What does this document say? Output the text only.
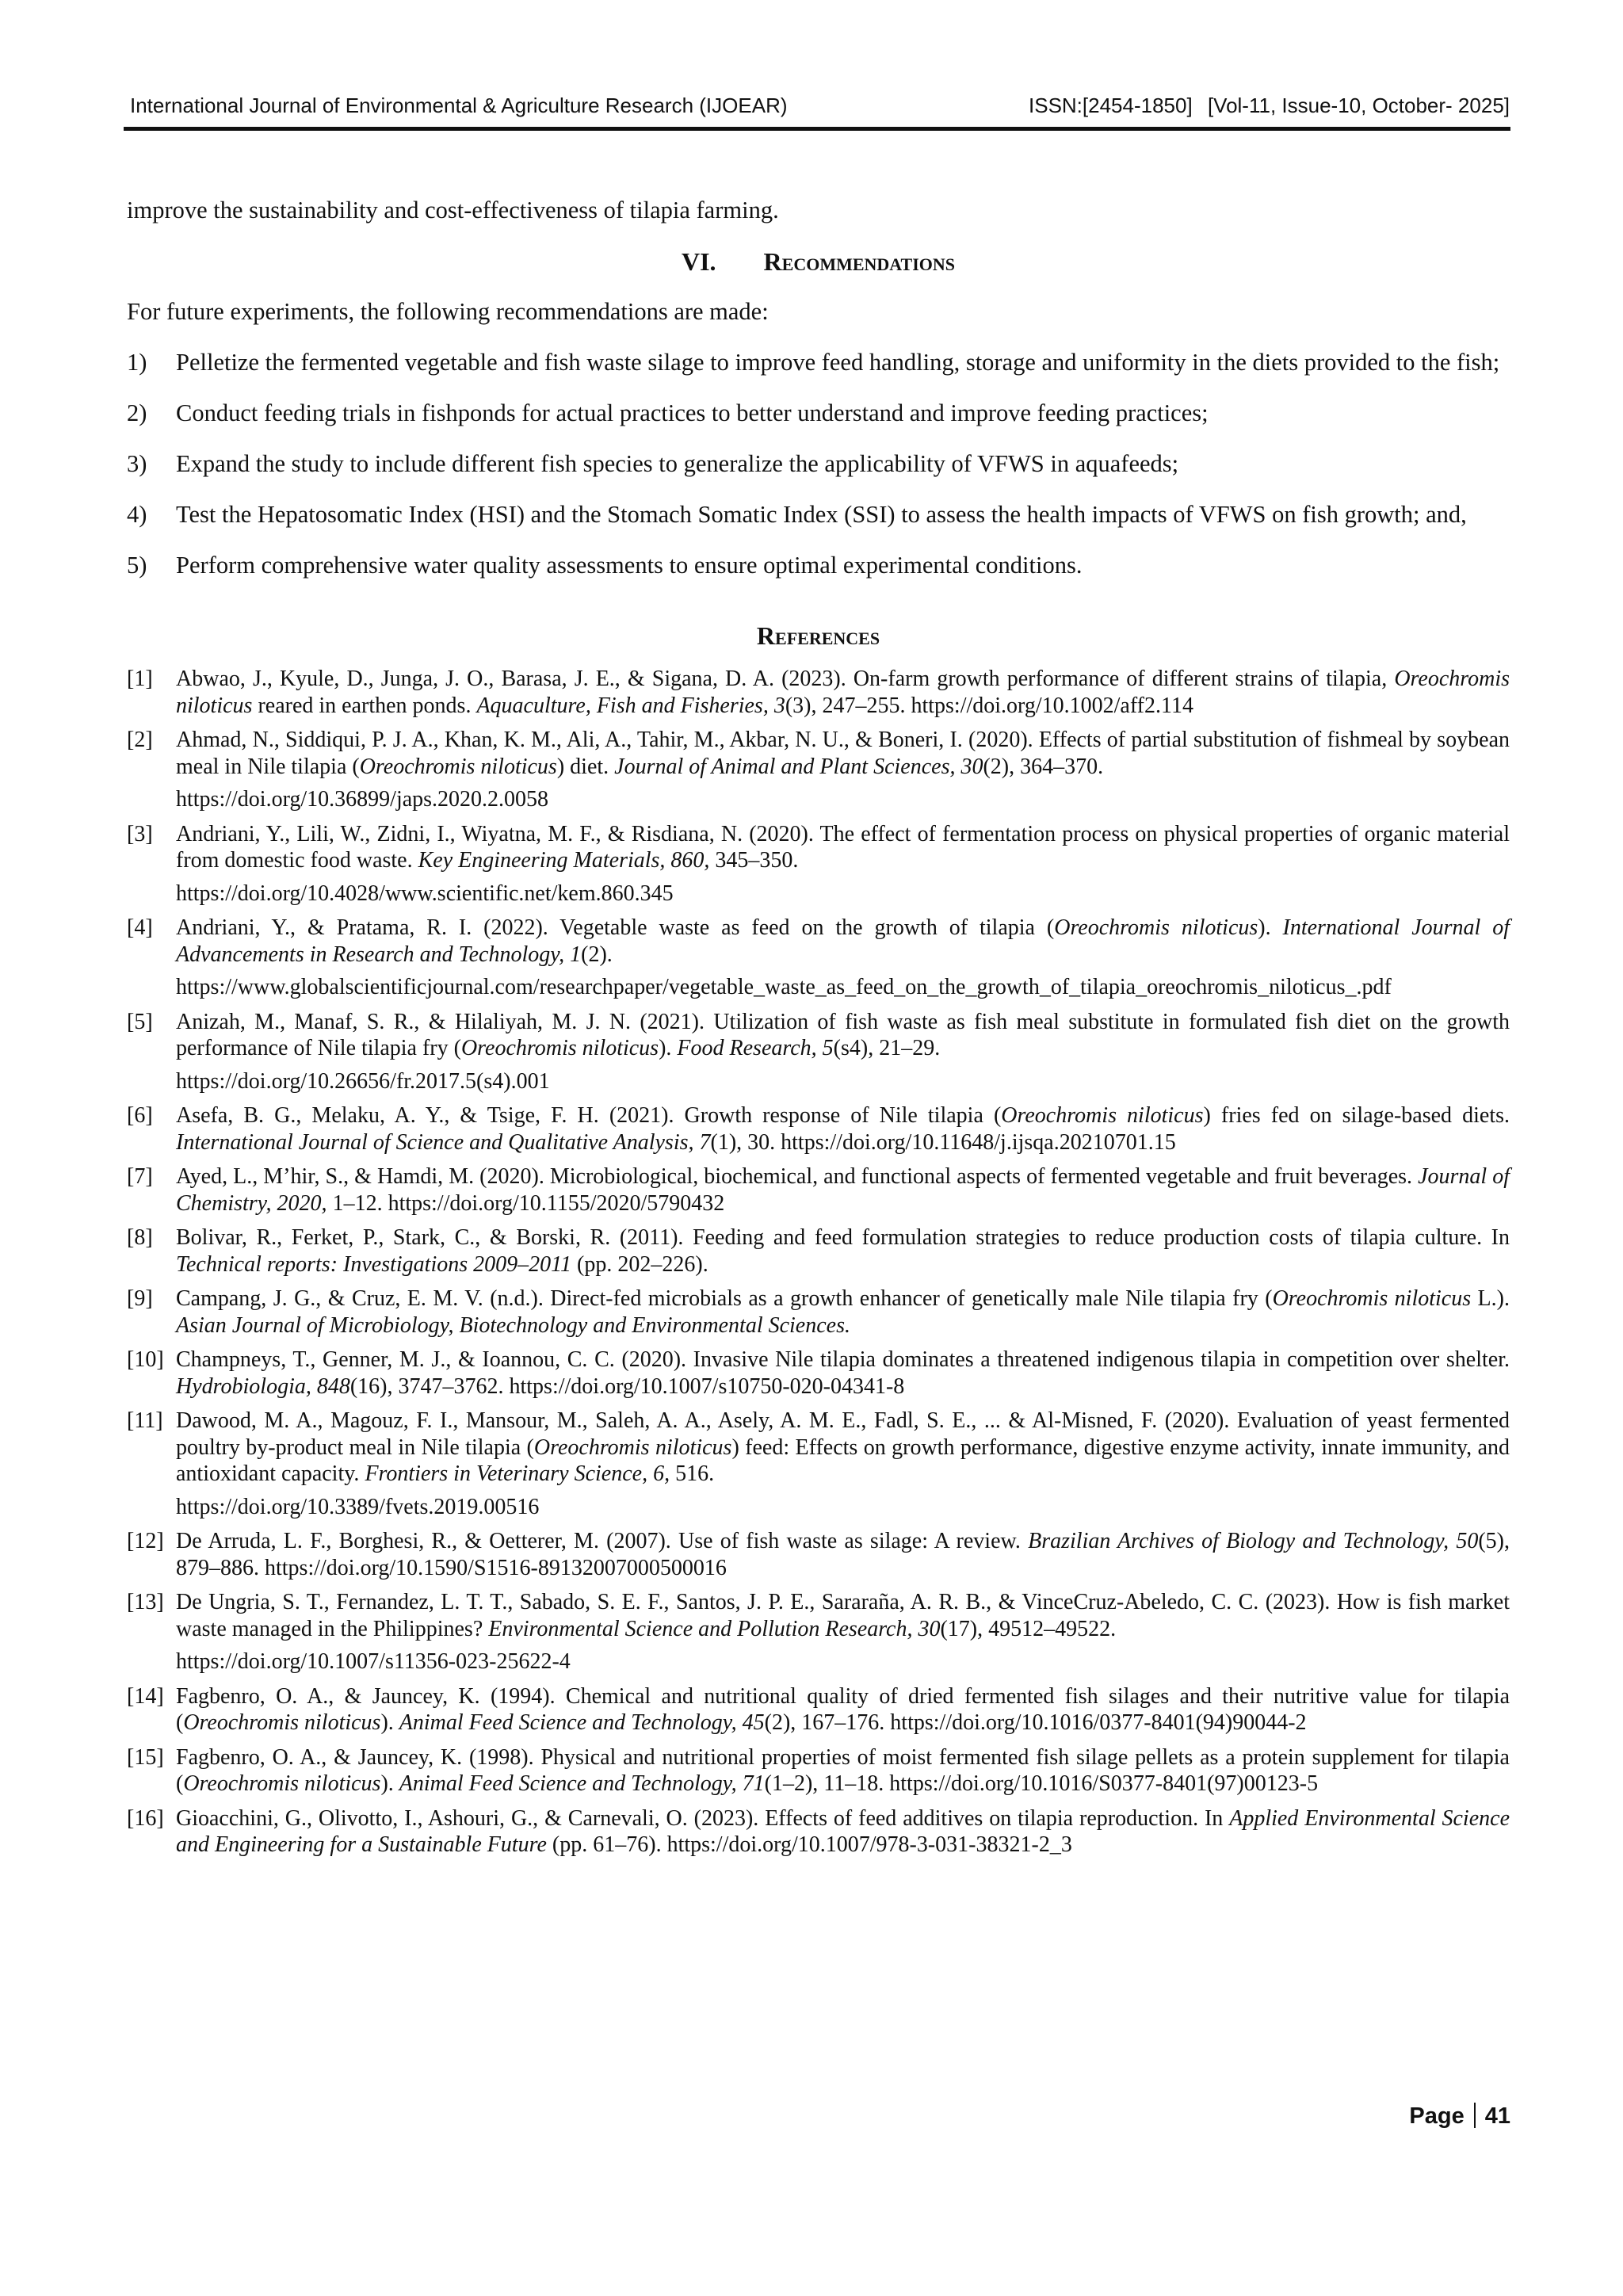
International Journal of Environmental & Agriculture Research (IJOEAR)	ISSN:[2454-1850] [Vol-11, Issue-10, October- 2025]

improve the sustainability and cost-effectiveness of tilapia farming.

VI. Recommendations

For future experiments, the following recommendations are made:

1) Pelletize the fermented vegetable and fish waste silage to improve feed handling, storage and uniformity in the diets provided to the fish;
2) Conduct feeding trials in fishponds for actual practices to better understand and improve feeding practices;
3) Expand the study to include different fish species to generalize the applicability of VFWS in aquafeeds;
4) Test the Hepatosomatic Index (HSI) and the Stomach Somatic Index (SSI) to assess the health impacts of VFWS on fish growth; and,
5) Perform comprehensive water quality assessments to ensure optimal experimental conditions.
References
[1] Abwao, J., Kyule, D., Junga, J. O., Barasa, J. E., & Sigana, D. A. (2023). On-farm growth performance of different strains of tilapia, Oreochromis niloticus reared in earthen ponds. Aquaculture, Fish and Fisheries, 3(3), 247–255. https://doi.org/10.1002/aff2.114
[2] Ahmad, N., Siddiqui, P. J. A., Khan, K. M., Ali, A., Tahir, M., Akbar, N. U., & Boneri, I. (2020). Effects of partial substitution of fishmeal by soybean meal in Nile tilapia (Oreochromis niloticus) diet. Journal of Animal and Plant Sciences, 30(2), 364–370.
https://doi.org/10.36899/japs.2020.2.0058
[3] Andriani, Y., Lili, W., Zidni, I., Wiyatna, M. F., & Risdiana, N. (2020). The effect of fermentation process on physical properties of organic material from domestic food waste. Key Engineering Materials, 860, 345–350.
https://doi.org/10.4028/www.scientific.net/kem.860.345
[4] Andriani, Y., & Pratama, R. I. (2022). Vegetable waste as feed on the growth of tilapia (Oreochromis niloticus). International Journal of Advancements in Research and Technology, 1(2).
https://www.globalscientificjournal.com/researchpaper/vegetable_waste_as_feed_on_the_growth_of_tilapia_oreochromis_niloticus_.pdf
[5] Anizah, M., Manaf, S. R., & Hilaliyah, M. J. N. (2021). Utilization of fish waste as fish meal substitute in formulated fish diet on the growth performance of Nile tilapia fry (Oreochromis niloticus). Food Research, 5(s4), 21–29.
https://doi.org/10.26656/fr.2017.5(s4).001
[6] Asefa, B. G., Melaku, A. Y., & Tsige, F. H. (2021). Growth response of Nile tilapia (Oreochromis niloticus) fries fed on silage-based diets. International Journal of Science and Qualitative Analysis, 7(1), 30. https://doi.org/10.11648/j.ijsqa.20210701.15
[7] Ayed, L., M’hir, S., & Hamdi, M. (2020). Microbiological, biochemical, and functional aspects of fermented vegetable and fruit beverages. Journal of Chemistry, 2020, 1–12. https://doi.org/10.1155/2020/5790432
[8] Bolivar, R., Ferket, P., Stark, C., & Borski, R. (2011). Feeding and feed formulation strategies to reduce production costs of tilapia culture. In Technical reports: Investigations 2009–2011 (pp. 202–226).
[9] Campang, J. G., & Cruz, E. M. V. (n.d.). Direct-fed microbials as a growth enhancer of genetically male Nile tilapia fry (Oreochromis niloticus L.). Asian Journal of Microbiology, Biotechnology and Environmental Sciences.
[10] Champneys, T., Genner, M. J., & Ioannou, C. C. (2020). Invasive Nile tilapia dominates a threatened indigenous tilapia in competition over shelter. Hydrobiologia, 848(16), 3747–3762. https://doi.org/10.1007/s10750-020-04341-8
[11] Dawood, M. A., Magouz, F. I., Mansour, M., Saleh, A. A., Asely, A. M. E., Fadl, S. E., ... & Al-Misned, F. (2020). Evaluation of yeast fermented poultry by-product meal in Nile tilapia (Oreochromis niloticus) feed: Effects on growth performance, digestive enzyme activity, innate immunity, and antioxidant capacity. Frontiers in Veterinary Science, 6, 516.
https://doi.org/10.3389/fvets.2019.00516
[12] De Arruda, L. F., Borghesi, R., & Oetterer, M. (2007). Use of fish waste as silage: A review. Brazilian Archives of Biology and Technology, 50(5), 879–886. https://doi.org/10.1590/S1516-89132007000500016
[13] De Ungria, S. T., Fernandez, L. T. T., Sabado, S. E. F., Santos, J. P. E., Sararaña, A. R. B., & VinceCruz-Abeledo, C. C. (2023). How is fish market waste managed in the Philippines? Environmental Science and Pollution Research, 30(17), 49512–49522.
https://doi.org/10.1007/s11356-023-25622-4
[14] Fagbenro, O. A., & Jauncey, K. (1994). Chemical and nutritional quality of dried fermented fish silages and their nutritive value for tilapia (Oreochromis niloticus). Animal Feed Science and Technology, 45(2), 167–176. https://doi.org/10.1016/0377-8401(94)90044-2
[15] Fagbenro, O. A., & Jauncey, K. (1998). Physical and nutritional properties of moist fermented fish silage pellets as a protein supplement for tilapia (Oreochromis niloticus). Animal Feed Science and Technology, 71(1–2), 11–18. https://doi.org/10.1016/S0377-8401(97)00123-5
[16] Gioacchini, G., Olivotto, I., Ashouri, G., & Carnevali, O. (2023). Effects of feed additives on tilapia reproduction. In Applied Environmental Science and Engineering for a Sustainable Future (pp. 61–76). https://doi.org/10.1007/978-3-031-38321-2_3
Page 41
